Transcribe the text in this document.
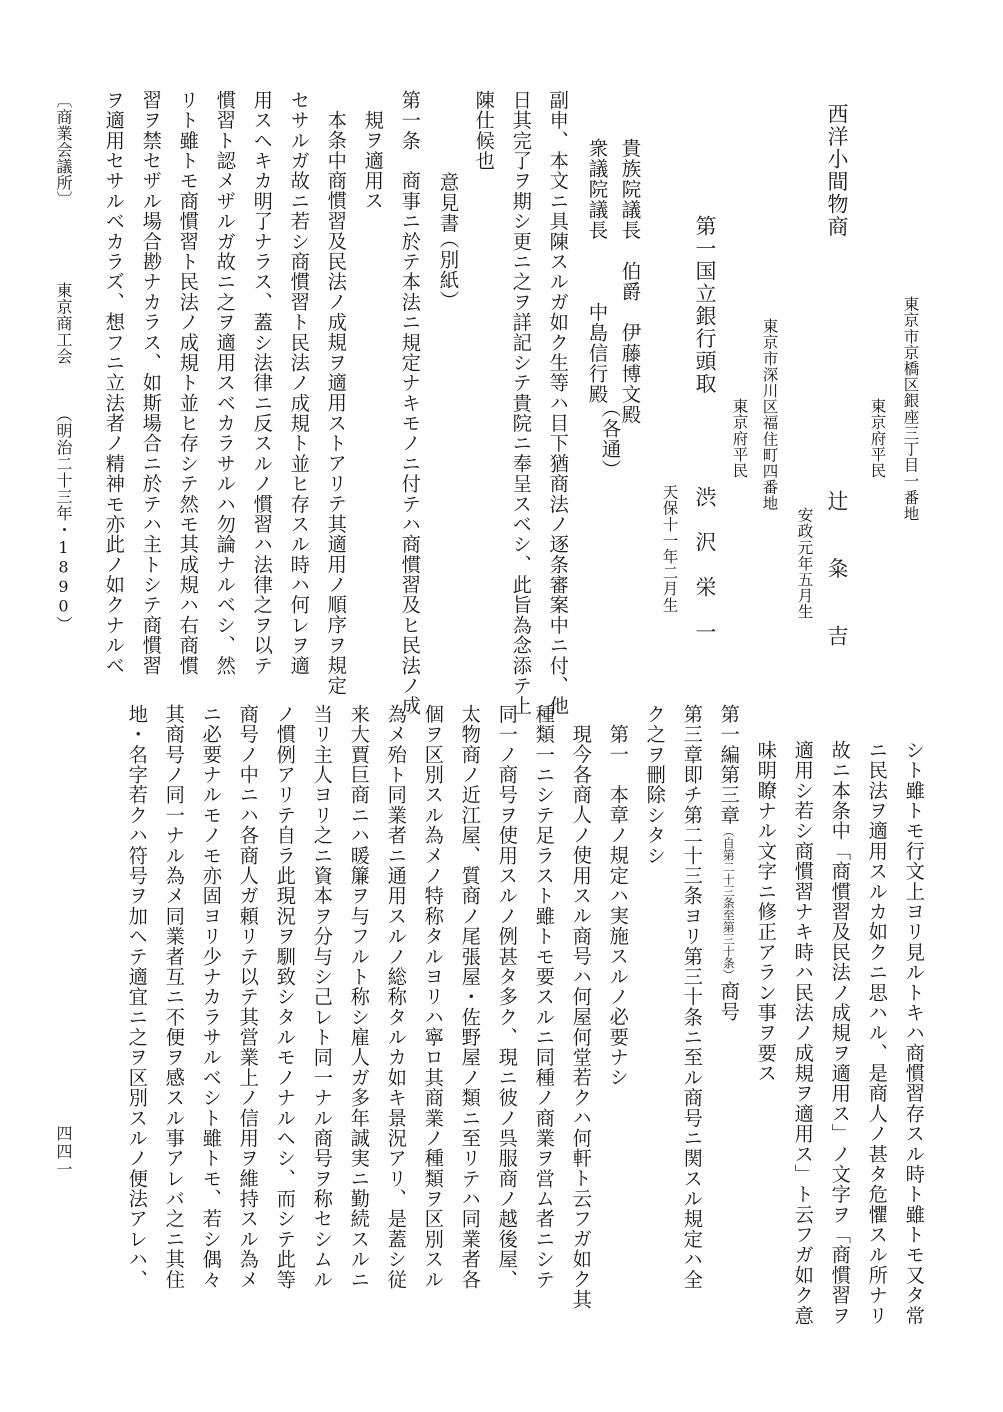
東京市京橋区銀座三丁目一番地
東京府平民
西洋小間物商
辻　　粂　　吉
安政元年五月生
東京市深川区福住町四番地
東京府平民
第一国立銀行頭取
渋　沢　栄　一
天保十一年二月生
貴族院議長　伯爵　伊藤博文殿
衆議院議長　　　中島信行殿
（各通）
副申、本文ニ具陳スルガ如ク生等ハ目下猶商法ノ逐条審案中ニ付、他
日其完了ヲ期シ更ニ之ヲ詳記シテ貴院ニ奉呈スベシ、此旨為念添テ上
陳仕候也
（別紙）
意見書
第一条　商事ニ於テ本法ニ規定ナキモノニ付テハ商慣習及ヒ民法ノ成
規ヲ適用ス
本条中商慣習及民法ノ成規ヲ適用ストアリテ其適用ノ順序ヲ規定
セサルガ故ニ若シ商慣習ト民法ノ成規ト並ヒ存スル時ハ何レヲ適
用スヘキカ明了ナラス、蓋シ法律ニ反スルノ慣習ハ法律之ヲ以テ
慣習ト認メザルガ故ニ之ヲ適用スベカラサルハ勿論ナルベシ、然
リト雖トモ商慣習ト民法ノ成規ト並ヒ存シテ然モ其成規ハ右商慣
習ヲ禁セザル場合尠ナカラス、如斯場合ニ於テハ主トシテ商慣習
ヲ適用セサルベカラズ、想フニ立法者ノ精神モ亦此ノ如クナルベ
〔商業会議所〕
東京商工会
（明治二十三年・1890）
シト雖トモ行文上ヨリ見ルトキハ商慣習存スル時ト雖トモ又タ常
ニ民法ヲ適用スルカ如クニ思ハル、是商人ノ甚タ危懼スル所ナリ
故ニ本条中「商慣習及民法ノ成規ヲ適用ス」ノ文字ヲ「商慣習ヲ
適用シ若シ商慣習ナキ時ハ民法ノ成規ヲ適用ス」ト云フガ如ク意
味明瞭ナル文字ニ修正アラン事ヲ要ス
第一編第三章（自第二十三条至第三十条）商号
第三章即チ第二十三条ヨリ第三十条ニ至ル商号ニ関スル規定ハ全
ク之ヲ刪除シタシ
第一　本章ノ規定ハ実施スルノ必要ナシ
現今各商人ノ使用スル商号ハ何屋何堂若クハ何軒ト云フガ如ク其
種類一ニシテ足ラスト雖トモ要スルニ同種ノ商業ヲ営ム者ニシテ
同一ノ商号ヲ使用スルノ例甚タ多ク、現ニ彼ノ呉服商ノ越後屋、
太物商ノ近江屋、質商ノ尾張屋・佐野屋ノ類ニ至リテハ同業者各
個ヲ区別スル為メノ特称タルヨリハ寧ロ其商業ノ種類ヲ区別スル
為メ殆ト同業者ニ通用スルノ総称タルカ如キ景況アリ、是蓋シ従
来大賈巨商ニハ暖簾ヲ与フルト称シ雇人ガ多年誠実ニ勤続スルニ
当リ主人ヨリ之ニ資本ヲ分与シ己レト同一ナル商号ヲ称セシムル
ノ慣例アリテ自ラ此現況ヲ馴致シタルモノナルヘシ、而シテ此等
商号ノ中ニハ各商人ガ頼リテ以テ其営業上ノ信用ヲ維持スル為メ
ニ必要ナルモノモ亦固ヨリ少ナカラサルベシト雖トモ、若シ偶々
其商号ノ同一ナル為メ同業者互ニ不便ヲ感スル事アレバ之ニ其住
地・名字若クハ符号ヲ加ヘテ適宜ニ之ヲ区別スルノ便法アレハ、
四四一
